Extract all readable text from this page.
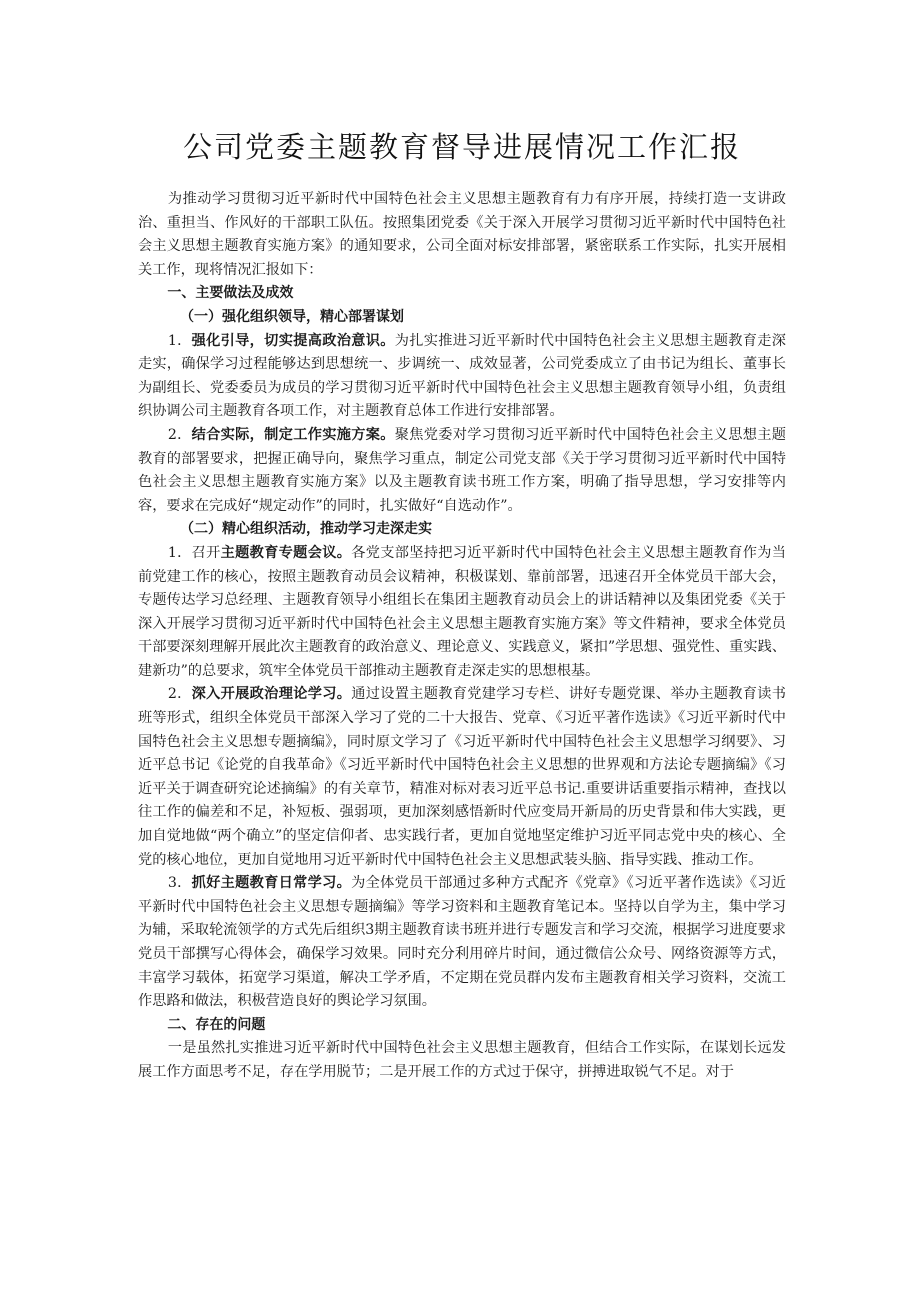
公司党委主题教育督导进展情况工作汇报

为推动学习贯彻习近平新时代中国特色社会主义思想主题教育有力有序开展，持续打造一支讲政治、重担当、作风好的干部职工队伍。按照集团党委《关于深入开展学习贯彻习近平新时代中国特色社会主义思想主题教育实施方案》的通知要求，公司全面对标安排部署，紧密联系工作实际，扎实开展相关工作，现将情况汇报如下：

一、主要做法及成效

（一）强化组织领导，精心部署谋划

1．强化引导，切实提高政治意识。为扎实推进习近平新时代中国特色社会主义思想主题教育走深走实，确保学习过程能够达到思想统一、步调统一、成效显著，公司党委成立了由书记为组长、董事长为副组长、党委委员为成员的学习贯彻习近平新时代中国特色社会主义思想主题教育领导小组，负责组织协调公司主题教育各项工作，对主题教育总体工作进行安排部署。

2．结合实际，制定工作实施方案。聚焦党委对学习贯彻习近平新时代中国特色社会主义思想主题教育的部署要求，把握正确导向，聚焦学习重点，制定公司党支部《关于学习贯彻习近平新时代中国特色社会主义思想主题教育实施方案》以及主题教育读书班工作方案，明确了指导思想，学习安排等内容，要求在完成好“规定动作”的同时，扎实做好“自选动作”。

（二）精心组织活动，推动学习走深走实

1．召开主题教育专题会议。各党支部坚持把习近平新时代中国特色社会主义思想主题教育作为当前党建工作的核心，按照主题教育动员会议精神，积极谋划、靠前部署，迅速召开全体党员干部大会，专题传达学习总经理、主题教育领导小组组长在集团主题教育动员会上的讲话精神以及集团党委《关于深入开展学习贯彻习近平新时代中国特色社会主义思想主题教育实施方案》等文件精神，要求全体党员干部要深刻理解开展此次主题教育的政治意义、理论意义、实践意义，紧扣”学思想、强党性、重实践、建新功”的总要求，筑牢全体党员干部推动主题教育走深走实的思想根基。

2．深入开展政治理论学习。通过设置主题教育党建学习专栏、讲好专题党课、举办主题教育读书班等形式，组织全体党员干部深入学习了党的二十大报告、党章、《习近平著作选读》《习近平新时代中国特色社会主义思想专题摘编》，同时原文学习了《习近平新时代中国特色社会主义思想学习纲要》、习近平总书记《论党的自我革命》《习近平新时代中国特色社会主义思想的世界观和方法论专题摘编》《习近平关于调查研究论述摘编》的有关章节，精准对标对表习近平总书记.重要讲话重要指示精神，查找以往工作的偏差和不足，补短板、强弱项，更加深刻感悟新时代应变局开新局的历史背景和伟大实践，更加自觉地做“两个确立”的坚定信仰者、忠实践行者，更加自觉地坚定维护习近平同志党中央的核心、全党的核心地位，更加自觉地用习近平新时代中国特色社会主义思想武装头脑、指导实践、推动工作。

3．抓好主题教育日常学习。为全体党员干部通过多种方式配齐《党章》《习近平著作选读》《习近平新时代中国特色社会主义思想专题摘编》等学习资料和主题教育笔记本。坚持以自学为主，集中学习为辅，采取轮流领学的方式先后组织3期主题教育读书班并进行专题发言和学习交流，根据学习进度要求党员干部撰写心得体会，确保学习效果。同时充分利用碎片时间，通过微信公众号、网络资源等方式，丰富学习载体，拓宽学习渠道，解决工学矛盾，不定期在党员群内发布主题教育相关学习资料，交流工作思路和做法，积极营造良好的舆论学习氛围。

二、存在的问题

一是虽然扎实推进习近平新时代中国特色社会主义思想主题教育，但结合工作实际，在谋划长远发展工作方面思考不足，存在学用脱节；二是开展工作的方式过于保守，拼搏进取锐气不足。对于
